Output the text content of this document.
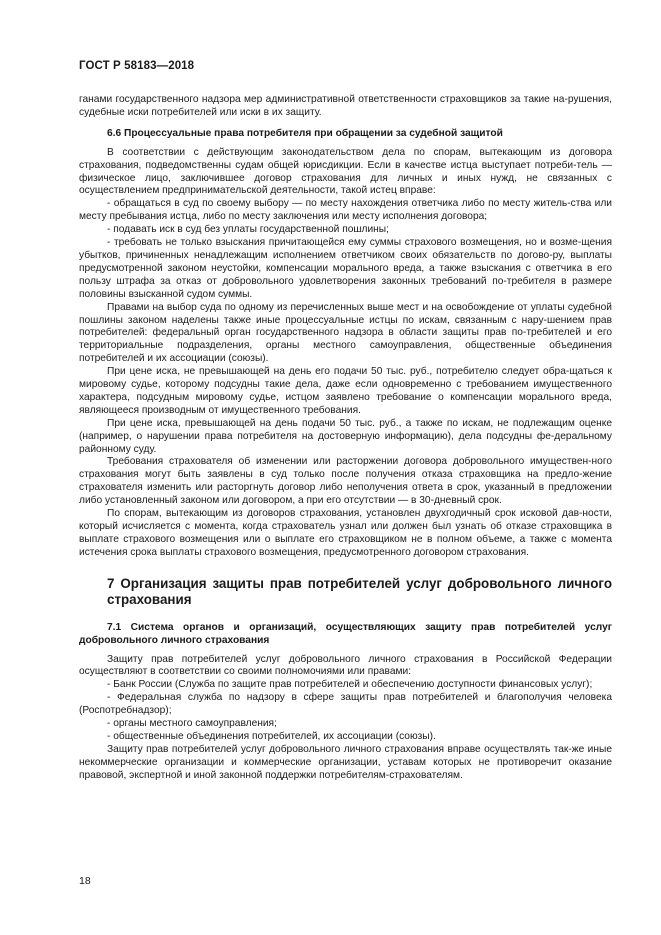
ГОСТ Р 58183—2018

ганами государственного надзора мер административной ответственности страховщиков за такие на-рушения, судебные иски потребителей или иски в их защиту.

6.6 Процессуальные права потребителя при обращении за судебной защитой

В соответствии с действующим законодательством дела по спорам, вытекающим из договора страхования, подведомственны судам общей юрисдикции. Если в качестве истца выступает потреби-тель — физическое лицо, заключившее договор страхования для личных и иных нужд, не связанных с осуществлением предпринимательской деятельности, такой истец вправе:

- обращаться в суд по своему выбору — по месту нахождения ответчика либо по месту житель-ства или месту пребывания истца, либо по месту заключения или месту исполнения договора;

- подавать иск в суд без уплаты государственной пошлины;

- требовать не только взыскания причитающейся ему суммы страхового возмещения, но и возме-щения убытков, причиненных ненадлежащим исполнением ответчиком своих обязательств по догово-ру, выплаты предусмотренной законом неустойки, компенсации морального вреда, а также взыскания с ответчика в его пользу штрафа за отказ от добровольного удовлетворения законных требований по-требителя в размере половины взысканной судом суммы.

Правами на выбор суда по одному из перечисленных выше мест и на освобождение от уплаты судебной пошлины законом наделены также иные процессуальные истцы по искам, связанным с нару-шением прав потребителей: федеральный орган государственного надзора в области защиты прав по-требителей и его территориальные подразделения, органы местного самоуправления, общественные объединения потребителей и их ассоциации (союзы).

При цене иска, не превышающей на день его подачи 50 тыс. руб., потребителю следует обра-щаться к мировому судье, которому подсудны такие дела, даже если одновременно с требованием имущественного характера, подсудным мировому судье, истцом заявлено требование о компенсации морального вреда, являющееся производным от имущественного требования.

При цене иска, превышающей на день подачи 50 тыс. руб., а также по искам, не подлежащим оценке (например, о нарушении права потребителя на достоверную информацию), дела подсудны фе-деральному районному суду.

Требования страхователя об изменении или расторжении договора добровольного имуществен-ного страхования могут быть заявлены в суд только после получения отказа страховщика на предло-жение страхователя изменить или расторгнуть договор либо неполучения ответа в срок, указанный в предложении либо установленный законом или договором, а при его отсутствии — в 30-дневный срок.

По спорам, вытекающим из договоров страхования, установлен двухгодичный срок исковой дав-ности, который исчисляется с момента, когда страхователь узнал или должен был узнать об отказе страховщика в выплате страхового возмещения или о выплате его страховщиком не в полном объеме, а также с момента истечения срока выплаты страхового возмещения, предусмотренного договором страхования.

7 Организация защиты прав потребителей услуг добровольного личного страхования

7.1 Система органов и организаций, осуществляющих защиту прав потребителей услуг добровольного личного страхования

Защиту прав потребителей услуг добровольного личного страхования в Российской Федерации осуществляют в соответствии со своими полномочиями или правами:

- Банк России (Служба по защите прав потребителей и обеспечению доступности финансовых услуг);

- Федеральная служба по надзору в сфере защиты прав потребителей и благополучия человека (Роспотребнадзор);

- органы местного самоуправления;

- общественные объединения потребителей, их ассоциации (союзы).

Защиту прав потребителей услуг добровольного личного страхования вправе осуществлять так-же иные некоммерческие организации и коммерческие организации, уставам которых не противоречит оказание правовой, экспертной и иной законной поддержки потребителям-страхователям.

18
